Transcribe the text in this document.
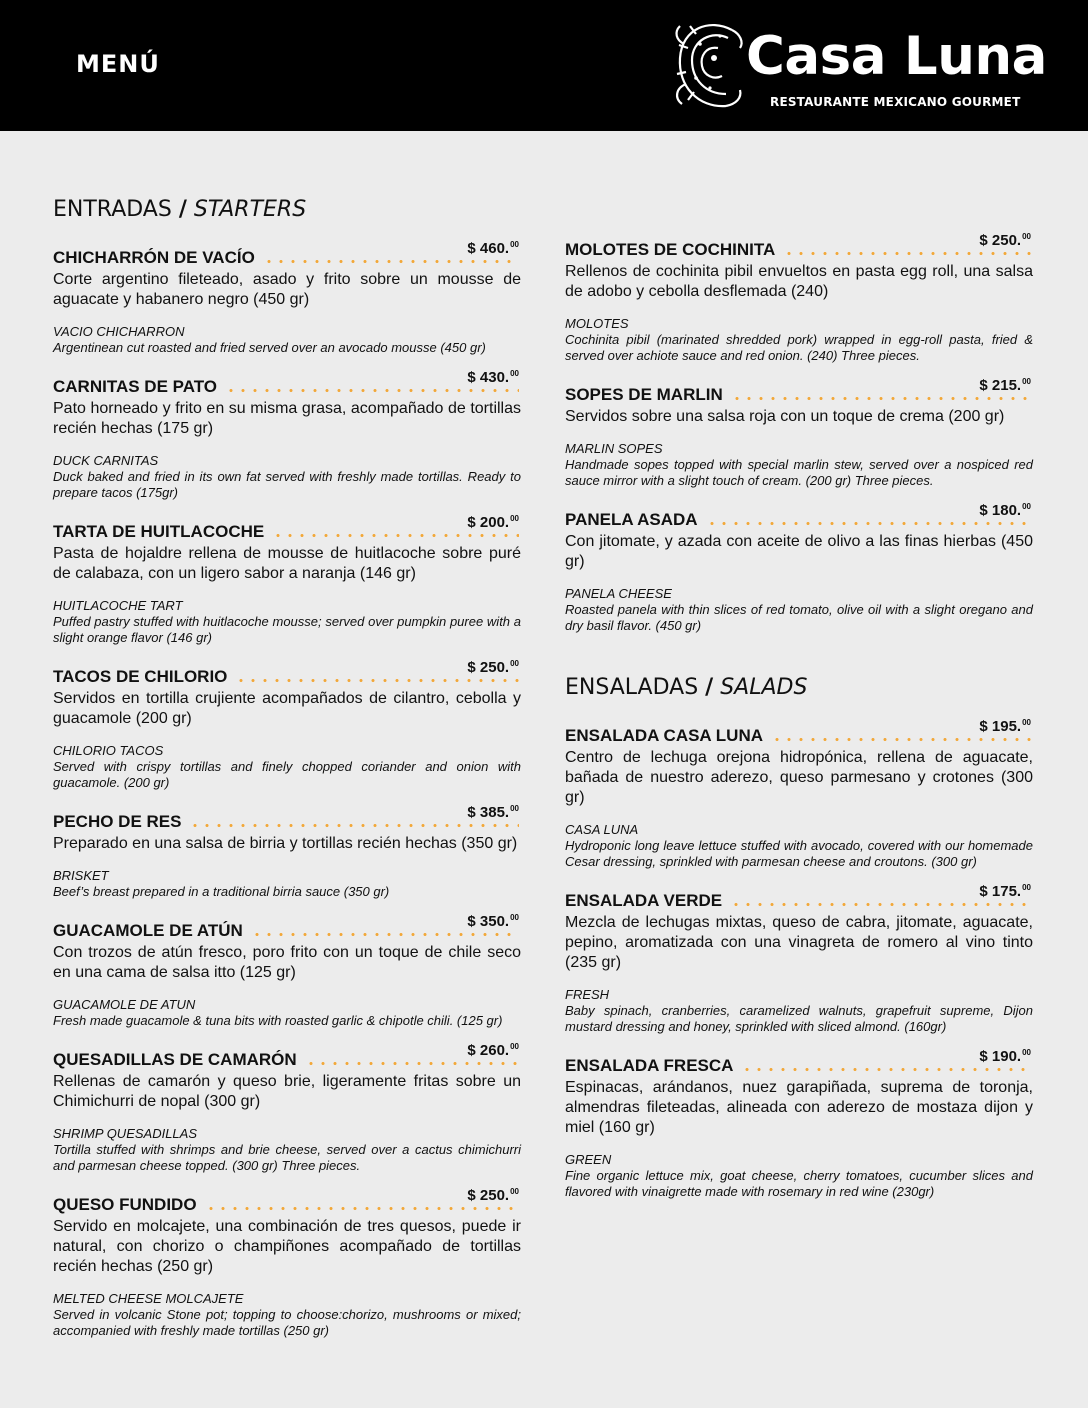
MENÚ	Casa Luna
RESTAURANTE MEXICANO GOURMET
ENTRADAS / STARTERS
$ 460.00
CHICHARRÓN DE VACÍO
Corte argentino fileteado, asado y frito sobre un mousse de aguacate y habanero negro (450 gr)
VACIO CHICHARRON
Argentinean cut roasted and fried served over an avocado mousse (450 gr)
$ 430.00
CARNITAS DE PATO
Pato horneado y frito en su misma grasa, acompañado de tortillas recién hechas (175 gr)
DUCK CARNITAS
Duck baked and fried in its own fat served with freshly made tortillas. Ready to prepare tacos (175gr)
$ 200.00
TARTA DE HUITLACOCHE
Pasta de hojaldre rellena de mousse de huitlacoche sobre puré de calabaza, con un ligero sabor a naranja (146 gr)
HUITLACOCHE TART
Puffed pastry stuffed with huitlacoche mousse; served over pumpkin puree with a slight orange flavor (146 gr)
$ 250.00
TACOS DE CHILORIO
Servidos en tortilla crujiente acompañados de cilantro, cebolla y guacamole (200 gr)
CHILORIO TACOS
Served with crispy tortillas and finely chopped coriander and onion with guacamole. (200 gr)
$ 385.00
PECHO DE RES
Preparado en una salsa de birria y tortillas recién hechas (350 gr)
BRISKET
Beef’s breast prepared in a traditional birria sauce (350 gr)
$ 350.00
GUACAMOLE DE ATÚN
Con trozos de atún fresco, poro frito con un toque de chile seco en una cama de salsa itto (125 gr)
GUACAMOLE DE ATUN
Fresh made guacamole & tuna bits with roasted garlic & chipotle chili. (125 gr)
$ 260.00
QUESADILLAS DE CAMARÓN
Rellenas de camarón y queso brie, ligeramente fritas sobre un Chimichurri de nopal (300 gr)
SHRIMP QUESADILLAS
Tortilla stuffed with shrimps and brie cheese, served over a cactus chimichurri and parmesan cheese topped. (300 gr) Three pieces.
$ 250.00
QUESO FUNDIDO
Servido en molcajete, una combinación de tres quesos, puede ir natural, con chorizo o champiñones acompañado de tortillas recién hechas (250 gr)
MELTED CHEESE MOLCAJETE
Served in volcanic Stone pot; topping to choose:chorizo, mushrooms or mixed; accompanied with freshly made tortillas (250 gr)
$ 250.00
MOLOTES DE COCHINITA
Rellenos de cochinita pibil envueltos en pasta egg roll, una salsa de adobo y cebolla desflemada (240)
MOLOTES
Cochinita pibil (marinated shredded pork) wrapped in egg-roll pasta, fried & served over achiote sauce and red onion. (240) Three pieces.
$ 215.00
SOPES DE MARLIN
Servidos sobre una salsa roja con un toque de crema (200 gr)
MARLIN SOPES
Handmade sopes topped with special marlin stew, served over a nospiced red sauce mirror with a slight touch of cream. (200 gr) Three pieces.
$ 180.00
PANELA ASADA
Con jitomate, y azada con aceite de olivo a las finas hierbas (450 gr)
PANELA CHEESE
Roasted panela with thin slices of red tomato, olive oil with a slight oregano and dry basil flavor. (450 gr)
ENSALADAS / SALADS
$ 195.00
ENSALADA CASA LUNA
Centro de lechuga orejona hidropónica, rellena de aguacate, bañada de nuestro aderezo, queso parmesano y crotones (300 gr)
CASA LUNA
Hydroponic long leave lettuce stuffed with avocado, covered with our homemade Cesar dressing, sprinkled with parmesan cheese and croutons. (300 gr)
$ 175.00
ENSALADA VERDE
Mezcla de lechugas mixtas, queso de cabra, jitomate, aguacate, pepino, aromatizada con una vinagreta de romero al vino tinto (235 gr)
FRESH
Baby spinach, cranberries, caramelized walnuts, grapefruit supreme, Dijon mustard dressing and honey, sprinkled with sliced almond. (160gr)
$ 190.00
ENSALADA FRESCA
Espinacas, arándanos, nuez garapiñada, suprema de toronja, almendras fileteadas, alineada con aderezo de mostaza dijon y miel (160 gr)
GREEN
Fine organic lettuce mix, goat cheese, cherry tomatoes, cucumber slices and flavored with vinaigrette made with rosemary in red wine (230gr)
